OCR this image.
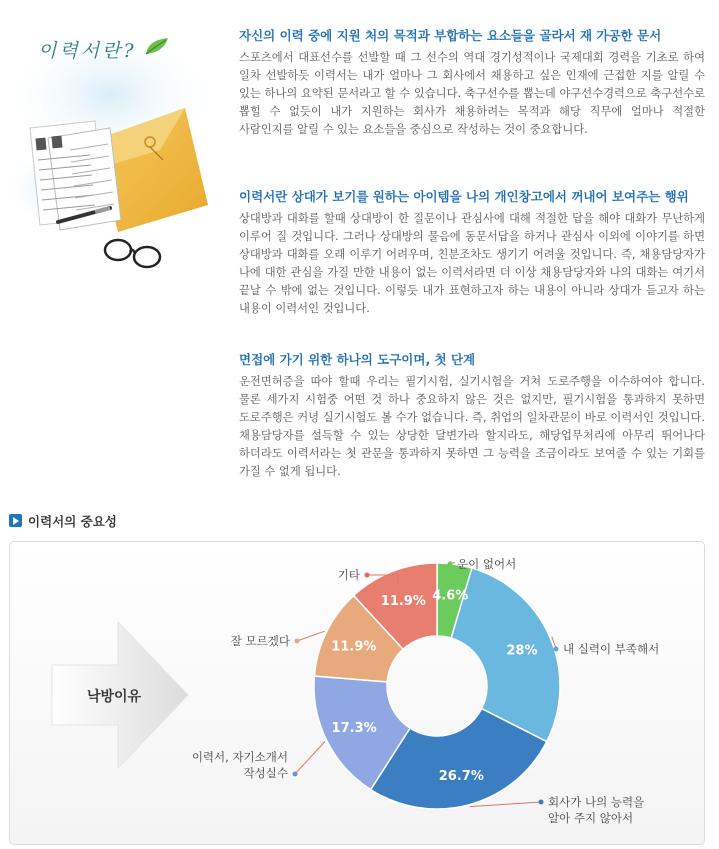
이력서란?
자신의 이력 중에 지원 처의 목적과 부합하는 요소들을 골라서 재 가공한 문서

스포츠에서 대표선수를 선발할 때 그 선수의 역대 경기성적이나 국제대회 경력을 기초로 하여 일차 선발하듯 이력서는 내가 얼마나 그 회사에서 채용하고 싶은 인재에 근접한 지를 알릴 수 있는 하나의 요약된 문서라고 할 수 있습니다. 축구선수를 뽑는데 야구선수경력으로 축구선수로 뽑힐 수 없듯이 내가 지원하는 회사가 채용하려는 목적과 해당 직무에 얼마나 적절한 사람인지를 알릴 수 있는 요소들을 중심으로 작성하는 것이 중요합니다.

이력서란 상대가 보기를 원하는 아이템을 나의 개인창고에서 꺼내어 보여주는 행위

상대방과 대화를 할때 상대방이 한 질문이나 관심사에 대해 적절한 답을 해야 대화가 무난하게 이루어 질 것입니다. 그러나 상대방의 물음에 동문서답을 하거나 관심사 이외에 이야기를 하면 상대방과 대화를 오래 이루기 어려우며, 친분조차도 생기기 어려울 것입니다. 즉, 채용담당자가 나에 대한 관심을 가질 만한 내용이 없는 이력서라면 더 이상 채용담당자와 나의 대화는 여기서 끝날 수 밖에 없는 것입니다. 이렇듯 내가 표현하고자 하는 내용이 아니라 상대가 듣고자 하는 내용이 이력서인 것입니다.

면접에 가기 위한 하나의 도구이며, 첫 단계

운전면허증을 따야 할때 우리는 필기시험, 실기시험을 거쳐 도로주행을 이수하여야 합니다. 물론 세가지 시험중 어떤 것 하나 중요하지 않은 것은 없지만, 필기시험을 통과하지 못하면 도로주행은 커녕 실기시험도 볼 수가 없습니다. 즉, 취업의 일차관문이 바로 이력서인 것입니다. 채용담당자를 설득할 수 있는 상당한 달변가라 할지라도, 해당업무처리에 아무리 뛰어나다 하더라도 이력서라는 첫 관문을 통과하지 못하면 그 능력을 조금이라도 보여줄 수 있는 기회를 가질 수 없게 됩니다.

이력서의 중요성
낙방이유
4.6%
28%
26.7%
17.3%
11.9%
11.9%
운이 없어서
내 실력이 부족해서
회사가 나의 능력을
알아 주지 않아서
이력서, 자기소개서
작성실수
잘 모르겠다
기타
